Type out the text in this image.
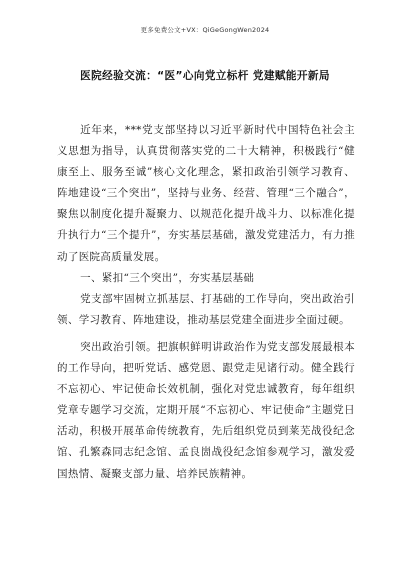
更多免费公文+VX：QiGeGongWen2024
医院经验交流：“医”心向党立标杆 党建赋能开新局

近年来，***党支部坚持以习近平新时代中国特色社会主义思想为指导，认真贯彻落实党的二十大精神，积极践行“健康至上、服务至诚”核心文化理念，紧扣政治引领学习教育、阵地建设“三个突出”，坚持与业务、经营、管理“三个融合”，聚焦以制度化提升凝聚力、以规范化提升战斗力、以标准化提升执行力“三个提升”，夯实基层基础，激发党建活力，有力推动了医院高质量发展。

一、紧扣“三个突出”，夯实基层基础

党支部牢固树立抓基层、打基础的工作导向，突出政治引领、学习教育、阵地建设，推动基层党建全面进步全面过硬。

突出政治引领。把旗帜鲜明讲政治作为党支部发展最根本的工作导向，把听党话、感党恩、跟党走见诸行动。健全践行不忘初心、牢记使命长效机制，强化对党忠诚教育，每年组织党章专题学习交流，定期开展“不忘初心、牢记使命”主题党日活动，积极开展革命传统教育，先后组织党员到莱芜战役纪念馆、孔繁森同志纪念馆、孟良崮战役纪念馆参观学习，激发爱国热情、凝聚支部力量、培养民族精神。
